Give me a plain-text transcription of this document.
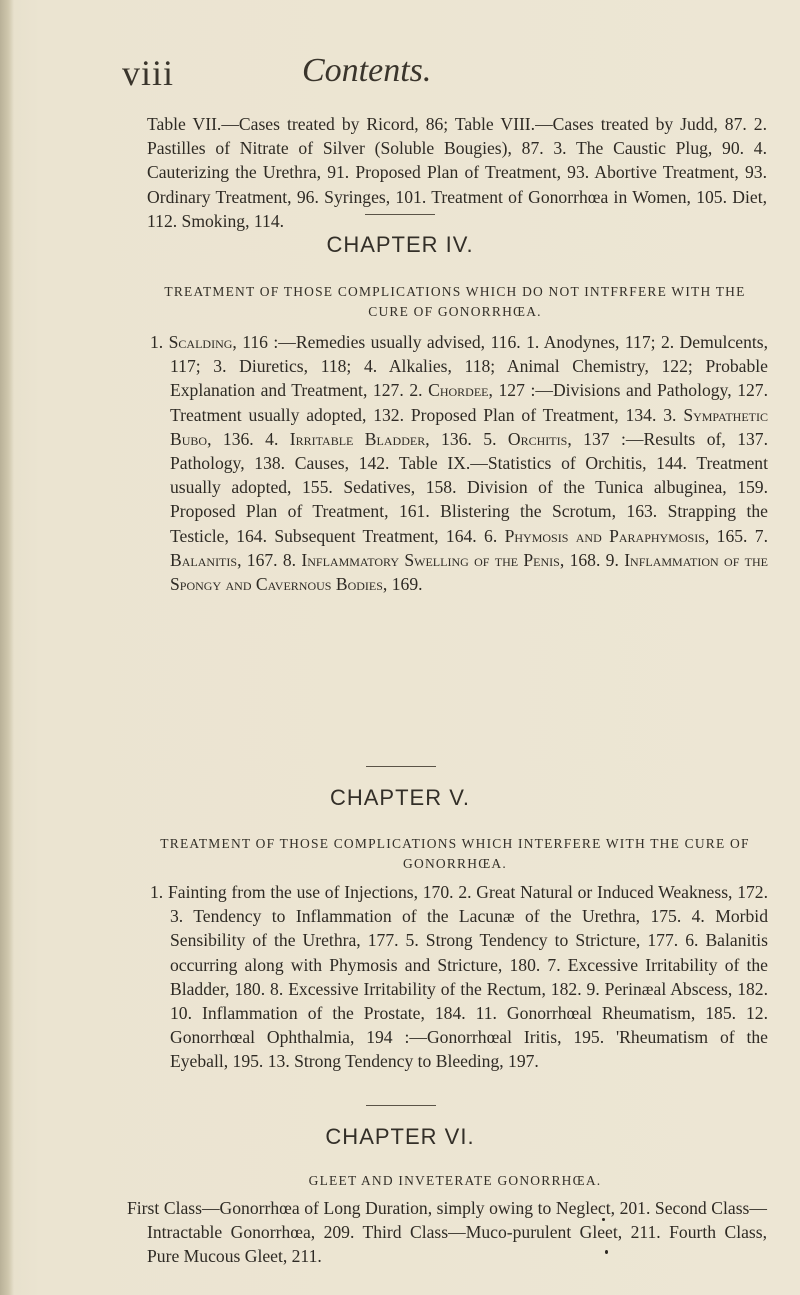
viii	Contents.
Table VII.—Cases treated by Ricord, 86; Table VIII.—Cases treated by Judd, 87. 2. Pastilles of Nitrate of Silver (Soluble Bougies), 87. 3. The Caustic Plug, 90. 4. Cauterizing the Urethra, 91. Proposed Plan of Treatment, 93. Abortive Treatment, 93. Ordinary Treatment, 96. Syringes, 101. Treatment of Gonorrhœa in Women, 105. Diet, 112. Smoking, 114.
CHAPTER IV.
TREATMENT OF THOSE COMPLICATIONS WHICH DO NOT INTFRFERE WITH THE CURE OF GONORRHŒA.
1. Scalding, 116 :—Remedies usually advised, 116. 1. Anodynes, 117; 2. Demulcents, 117; 3. Diuretics, 118; 4. Alkalies, 118; Animal Chemistry, 122; Probable Explanation and Treatment, 127. 2. Chordee, 127 :—Divisions and Pathology, 127. Treatment usually adopted, 132. Proposed Plan of Treatment, 134. 3. Sympathetic Bubo, 136. 4. Irritable Bladder, 136. 5. Orchitis, 137 :—Results of, 137. Pathology, 138. Causes, 142. Table IX.—Statistics of Orchitis, 144. Treatment usually adopted, 155. Sedatives, 158. Division of the Tunica albuginea, 159. Proposed Plan of Treatment, 161. Blistering the Scrotum, 163. Strapping the Testicle, 164. Subsequent Treatment, 164. 6. Phymosis and Paraphymosis, 165. 7. Balanitis, 167. 8. Inflammatory Swelling of the Penis, 168. 9. Inflammation of the Spongy and Cavernous Bodies, 169.
CHAPTER V.
TREATMENT OF THOSE COMPLICATIONS WHICH INTERFERE WITH THE CURE OF GONORRHŒA.
1. Fainting from the use of Injections, 170. 2. Great Natural or Induced Weakness, 172. 3. Tendency to Inflammation of the Lacunæ of the Urethra, 175. 4. Morbid Sensibility of the Urethra, 177. 5. Strong Tendency to Stricture, 177. 6. Balanitis occurring along with Phymosis and Stricture, 180. 7. Excessive Irritability of the Bladder, 180. 8. Excessive Irritability of the Rectum, 182. 9. Perinæal Abscess, 182. 10. Inflammation of the Prostate, 184. 11. Gonorrhœal Rheumatism, 185. 12. Gonorrhœal Ophthalmia, 194 :—Gonorrhœal Iritis, 195. 'Rheumatism of the Eyeball, 195. 13. Strong Tendency to Bleeding, 197.
CHAPTER VI.
GLEET AND INVETERATE GONORRHŒA.
First Class—Gonorrhœa of Long Duration, simply owing to Neglect, 201. Second Class—Intractable Gonorrhœa, 209. Third Class—Muco-purulent Gleet, 211. Fourth Class, Pure Mucous Gleet, 211.
